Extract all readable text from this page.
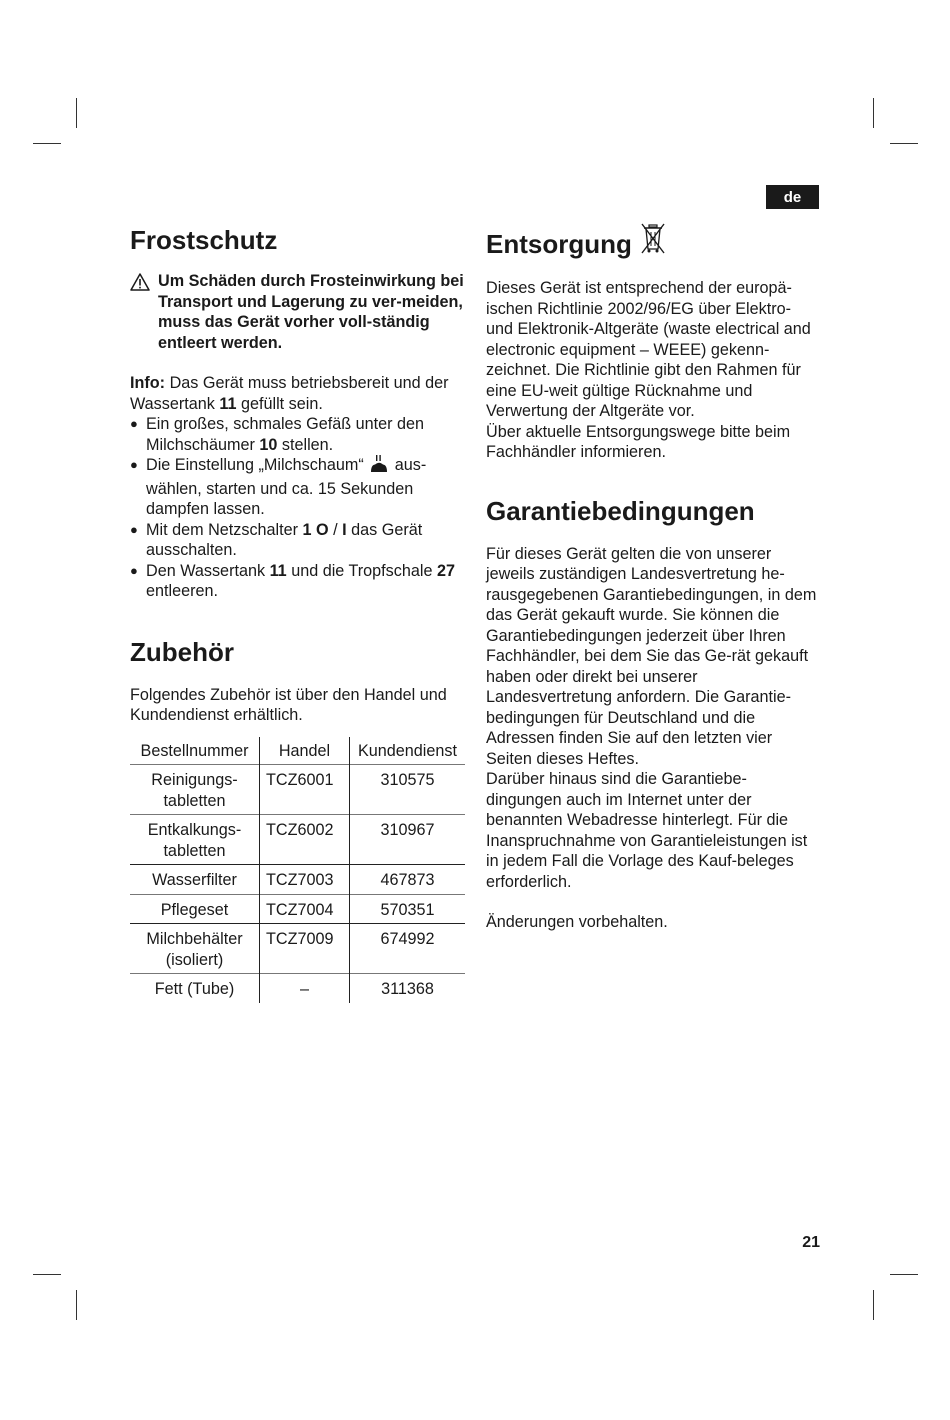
de
Frostschutz

Um Schäden durch Frosteinwirkung bei Transport und Lagerung zu ver-meiden, muss das Gerät vorher voll-ständig entleert werden.

Info: Das Gerät muss betriebsbereit und der Wassertank 11 gefüllt sein.

● Ein großes, schmales Gefäß unter den Milchschäumer 10 stellen.
● Die Einstellung „Milchschaum“ aus-wählen, starten und ca. 15 Sekunden dampfen lassen.
● Mit dem Netzschalter 1 O / I das Gerät ausschalten.
● Den Wassertank 11 und die Tropfschale 27 entleeren.
Zubehör

Folgendes Zubehör ist über den Handel und Kundendienst erhältlich.

Bestellnummer	Handel	Kundendienst
Reinigungs-
tabletten	TCZ6001	310575
Entkalkungs-
tabletten	TCZ6002	310967
Wasserfilter	TCZ7003	467873
Pflegeset	TCZ7004	570351
Milchbehälter
(isoliert)	TCZ7009	674992
Fett (Tube)	–	311368
Entsorgung

Dieses Gerät ist entsprechend der europä-ischen Richtlinie 2002/96/EG über Elektro- und Elektronik-Altgeräte (waste electrical and electronic equipment – WEEE) gekenn-zeichnet. Die Richtlinie gibt den Rahmen für eine EU-weit gültige Rücknahme und Verwertung der Altgeräte vor.

Über aktuelle Entsorgungswege bitte beim Fachhändler informieren.

Garantiebedingungen

Für dieses Gerät gelten die von unserer jeweils zuständigen Landesvertretung he-rausgegebenen Garantiebedingungen, in dem das Gerät gekauft wurde. Sie können die Garantiebedingungen jederzeit über Ihren Fachhändler, bei dem Sie das Ge-rät gekauft haben oder direkt bei unserer Landesvertretung anfordern. Die Garantie-bedingungen für Deutschland und die Adressen finden Sie auf den letzten vier Seiten dieses Heftes.

Darüber hinaus sind die Garantiebe-dingungen auch im Internet unter der benannten Webadresse hinterlegt. Für die Inanspruchnahme von Garantieleistungen ist in jedem Fall die Vorlage des Kauf-beleges erforderlich.

Änderungen vorbehalten.

21
